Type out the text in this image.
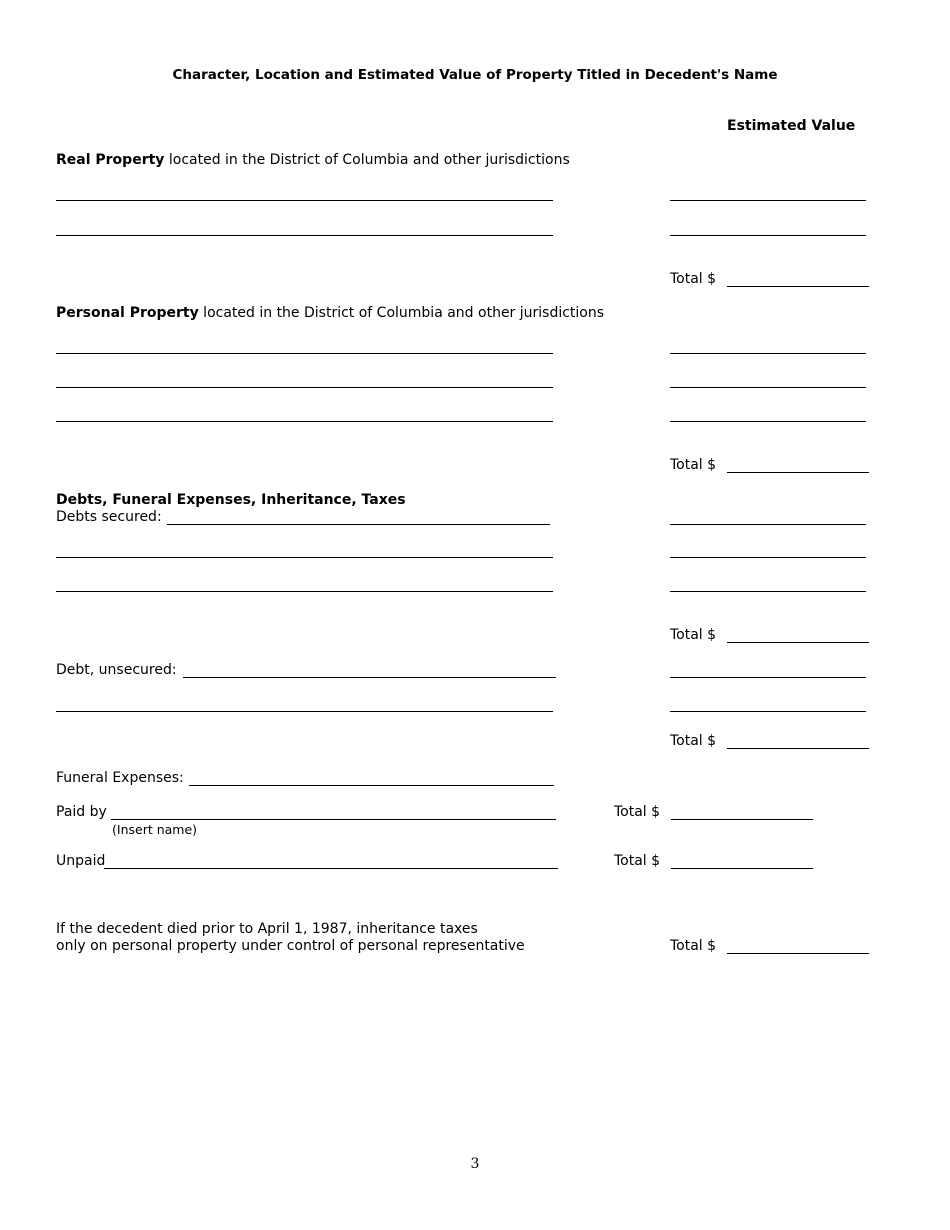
Character, Location and Estimated Value of Property Titled in Decedent's Name
Estimated Value
Real Property located in the District of Columbia and other jurisdictions
Total $
Personal Property located in the District of Columbia and other jurisdictions
Total $
Debts, Funeral Expenses, Inheritance, Taxes
Debts secured:
Total $
Debt, unsecured:
Total $
Funeral Expenses:
Paid by
(Insert name)
Total $
Unpaid	Total $
If the decedent died prior to April 1, 1987, inheritance taxes
only on personal property under control of personal representative	Total $
3
